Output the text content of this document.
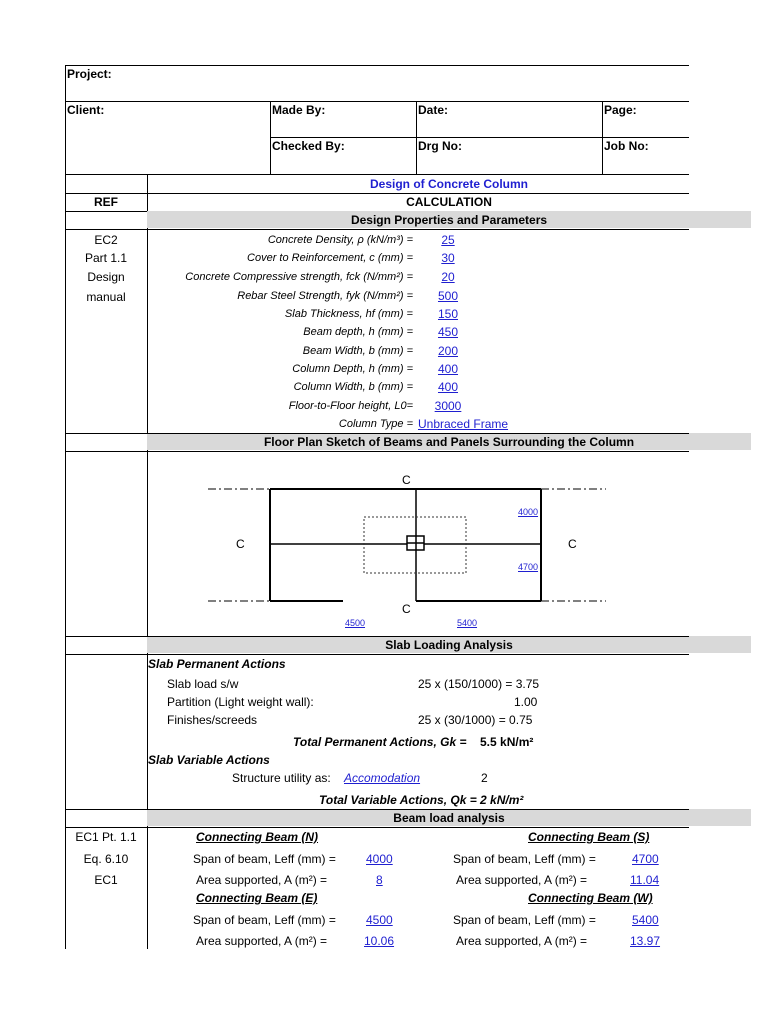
Project:
Client:	Made By:	Date:	Page:
Checked By:	Drg No:	Job No:
Design of Concrete Column
REF	CALCULATION
Design Properties and Parameters
EC2
Part 1.1
Design
manual
Concrete Density, ρ (kN/m³) =	25
Cover to Reinforcement, c (mm) =	30
Concrete Compressive strength, fck (N/mm²) =	20
Rebar Steel Strength, fyk (N/mm²) =	500
Slab Thickness, hf (mm) =	150
Beam depth, h (mm) =	450
Beam Width, b (mm) =	200
Column Depth, h (mm) =	400
Column Width, b (mm) =	400
Floor-to-Floor height, L0=	3000
Column Type = Unbraced Frame
Floor Plan Sketch of Beams and Panels Surrounding the Column
C
C	C
C
4000
4700
4500	5400
Slab Loading Analysis
Slab Permanent Actions
Slab load s/w	25 x (150/1000) = 3.75
Partition (Light weight wall):	1.00
Finishes/screeds	25 x (30/1000) = 0.75
Total Permanent Actions, Gk = 5.5 kN/m²
Slab Variable Actions
Structure utility as: Accomodation	2
Total Variable Actions, Qk = 2 kN/m²
Beam load analysis
EC1 Pt. 1.1
Eq. 6.10
EC1
Connecting Beam (N)
Span of beam, Leff (mm) =	4000
Area supported, A (m²) =	8
Connecting Beam (S)
Span of beam, Leff (mm) =	4700
Area supported, A (m²) =	11.04
Connecting Beam (E)
Span of beam, Leff (mm) =	4500
Area supported, A (m²) =	10.06
Connecting Beam (W)
Span of beam, Leff (mm) =	5400
Area supported, A (m²) =	13.97
